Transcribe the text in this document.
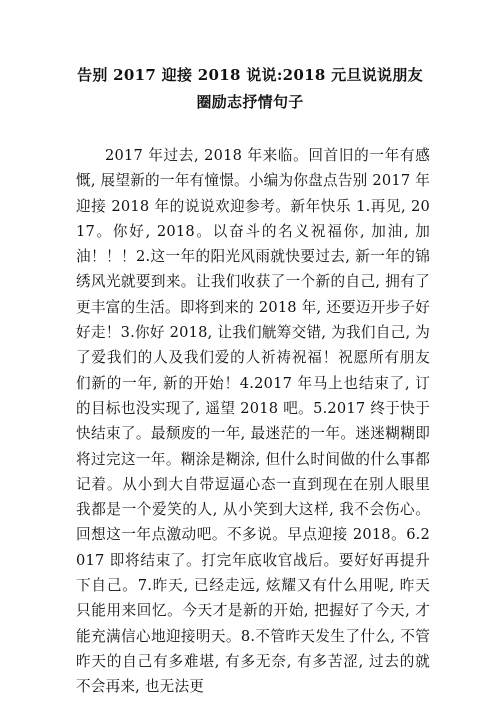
告别 2017 迎接 2018 说说:2018 元旦说说朋友圈励志抒情句子

2017 年过去, 2018 年来临。回首旧的一年有感慨, 展望新的一年有憧憬。小编为你盘点告别 2017 年迎接 2018 年的说说欢迎参考。新年快乐 1.再见, 2017。你好, 2018。以奋斗的名义祝福你, 加油, 加油！！！2.这一年的阳光风雨就快要过去, 新一年的锦绣风光就要到来。让我们收获了一个新的自己, 拥有了更丰富的生活。即将到来的 2018 年, 还要迈开步子好好走！3.你好 2018, 让我们觥筹交错, 为我们自己, 为了爱我们的人及我们爱的人祈祷祝福！祝愿所有朋友们新的一年, 新的开始！4.2017 年马上也结束了, 订的目标也没实现了, 遥望 2018 吧。5.2017 终于快于快结束了。最颓废的一年, 最迷茫的一年。迷迷糊糊即将过完这一年。糊涂是糊涂, 但什么时间做的什么事都记着。从小到大自带逗逼心态一直到现在在别人眼里我都是一个爱笑的人, 从小笑到大这样, 我不会伤心。回想这一年点激动吧。不多说。早点迎接 2018。6.2017 即将结束了。打完年底收官战后。要好好再提升下自己。7.昨天, 已经走远, 炫耀又有什么用呢, 昨天只能用来回忆。今天才是新的开始, 把握好了今天, 才能充满信心地迎接明天。8.不管昨天发生了什么, 不管昨天的自己有多难堪, 有多无奈, 有多苦涩, 过去的就不会再来, 也无法更
